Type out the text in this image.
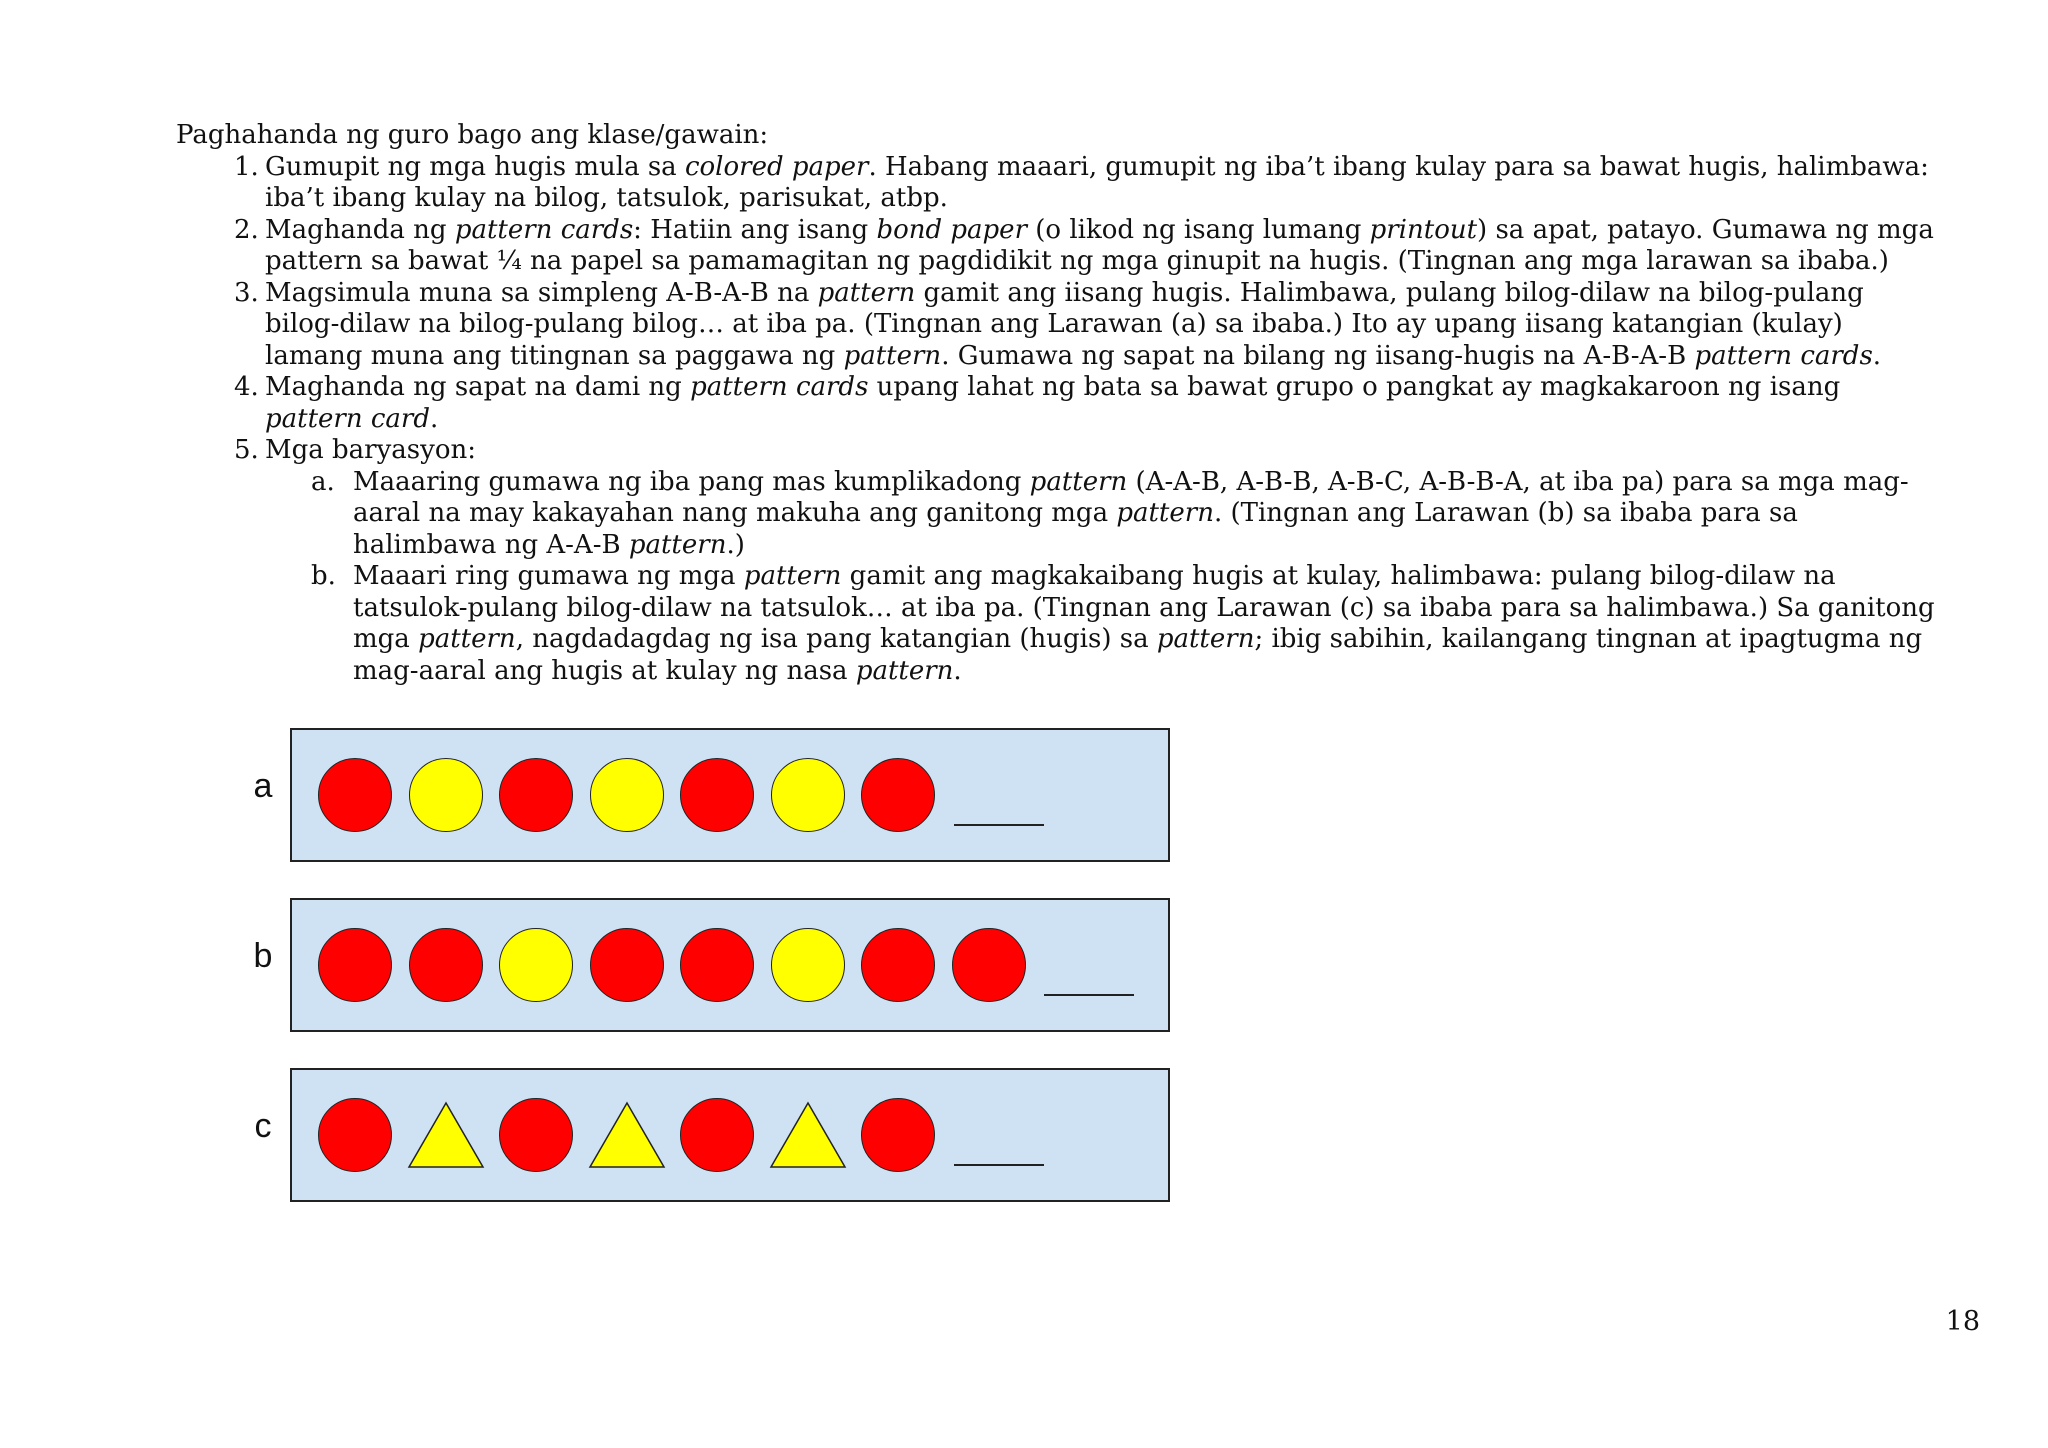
Paghahanda ng guro bago ang klase/gawain:

1. Gumupit ng mga hugis mula sa colored paper. Habang maaari, gumupit ng iba’t ibang kulay para sa bawat hugis, halimbawa: iba’t ibang kulay na bilog, tatsulok, parisukat, atbp.
2. Maghanda ng pattern cards: Hatiin ang isang bond paper (o likod ng isang lumang printout) sa apat, patayo. Gumawa ng mga pattern sa bawat ¼ na papel sa pamamagitan ng pagdidikit ng mga ginupit na hugis. (Tingnan ang mga larawan sa ibaba.)
3. Magsimula muna sa simpleng A-B-A-B na pattern gamit ang iisang hugis. Halimbawa, pulang bilog-dilaw na bilog-pulang bilog-dilaw na bilog-pulang bilog… at iba pa. (Tingnan ang Larawan (a) sa ibaba.) Ito ay upang iisang katangian (kulay) lamang muna ang titingnan sa paggawa ng pattern. Gumawa ng sapat na bilang ng iisang-hugis na A-B-A-B pattern cards.
4. Maghanda ng sapat na dami ng pattern cards upang lahat ng bata sa bawat grupo o pangkat ay magkakaroon ng isang pattern card.
5. Mga baryasyon:
a. Maaaring gumawa ng iba pang mas kumplikadong pattern (A-A-B, A-B-B, A-B-C, A-B-B-A, at iba pa) para sa mga mag-aaral na may kakayahan nang makuha ang ganitong mga pattern. (Tingnan ang Larawan (b) sa ibaba para sa halimbawa ng A-A-B pattern.)
b. Maaari ring gumawa ng mga pattern gamit ang magkakaibang hugis at kulay, halimbawa: pulang bilog-dilaw na tatsulok-pulang bilog-dilaw na tatsulok… at iba pa. (Tingnan ang Larawan (c) sa ibaba para sa halimbawa.) Sa ganitong mga pattern, nagdadagdag ng isa pang katangian (hugis) sa pattern; ibig sabihin, kailangang tingnan at ipagtugma ng mag-aaral ang hugis at kulay ng nasa pattern.
a
b
c
18
